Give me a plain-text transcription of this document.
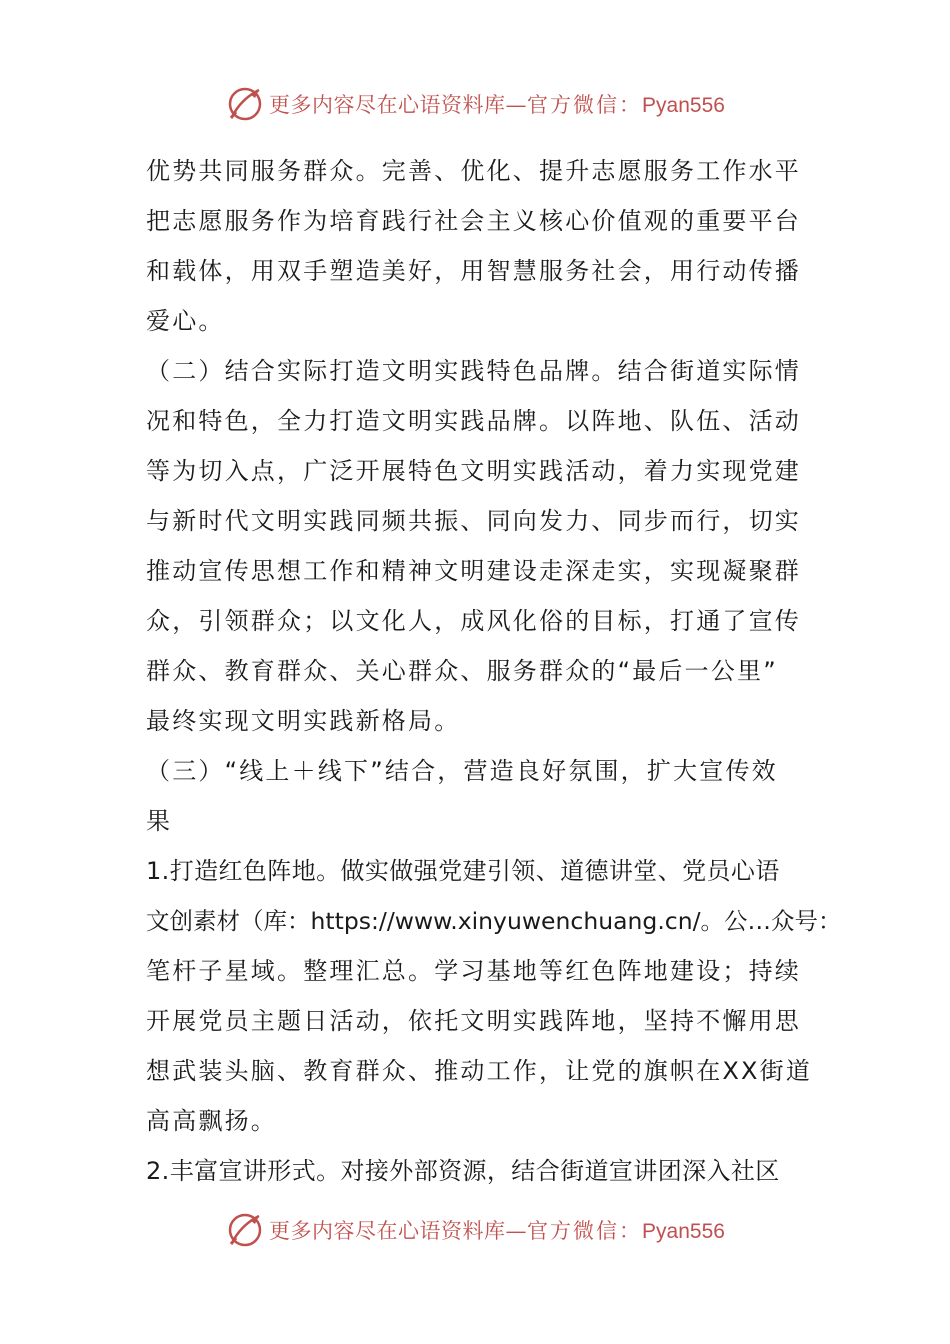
更多内容尽在心语资料库—官方微信：Pyan556
优势共同服务群众。完善、优化、提升志愿服务工作水平
把志愿服务作为培育践行社会主义核心价值观的重要平台
和载体，用双手塑造美好，用智慧服务社会，用行动传播
爱心。
（二）结合实际打造文明实践特色品牌。结合街道实际情
况和特色，全力打造文明实践品牌。以阵地、队伍、活动
等为切入点，广泛开展特色文明实践活动，着力实现党建
与新时代文明实践同频共振、同向发力、同步而行，切实
推动宣传思想工作和精神文明建设走深走实，实现凝聚群
众，引领群众；以文化人，成风化俗的目标，打通了宣传
群众、教育群众、关心群众、服务群众的“最后一公里”
最终实现文明实践新格局。
（三）“线上＋线下”结合，营造良好氛围，扩大宣传效
果
1.打造红色阵地。做实做强党建引领、道德讲堂、党员心语
文创素材（库：https://www.xinyuwenchuang.cn/。公…众号：
笔杆子星域。整理汇总。学习基地等红色阵地建设；持续
开展党员主题日活动，依托文明实践阵地，坚持不懈用思
想武装头脑、教育群众、推动工作，让党的旗帜在XX街道
高高飘扬。
2.丰富宣讲形式。对接外部资源，结合街道宣讲团深入社区
更多内容尽在心语资料库—官方微信：Pyan556
